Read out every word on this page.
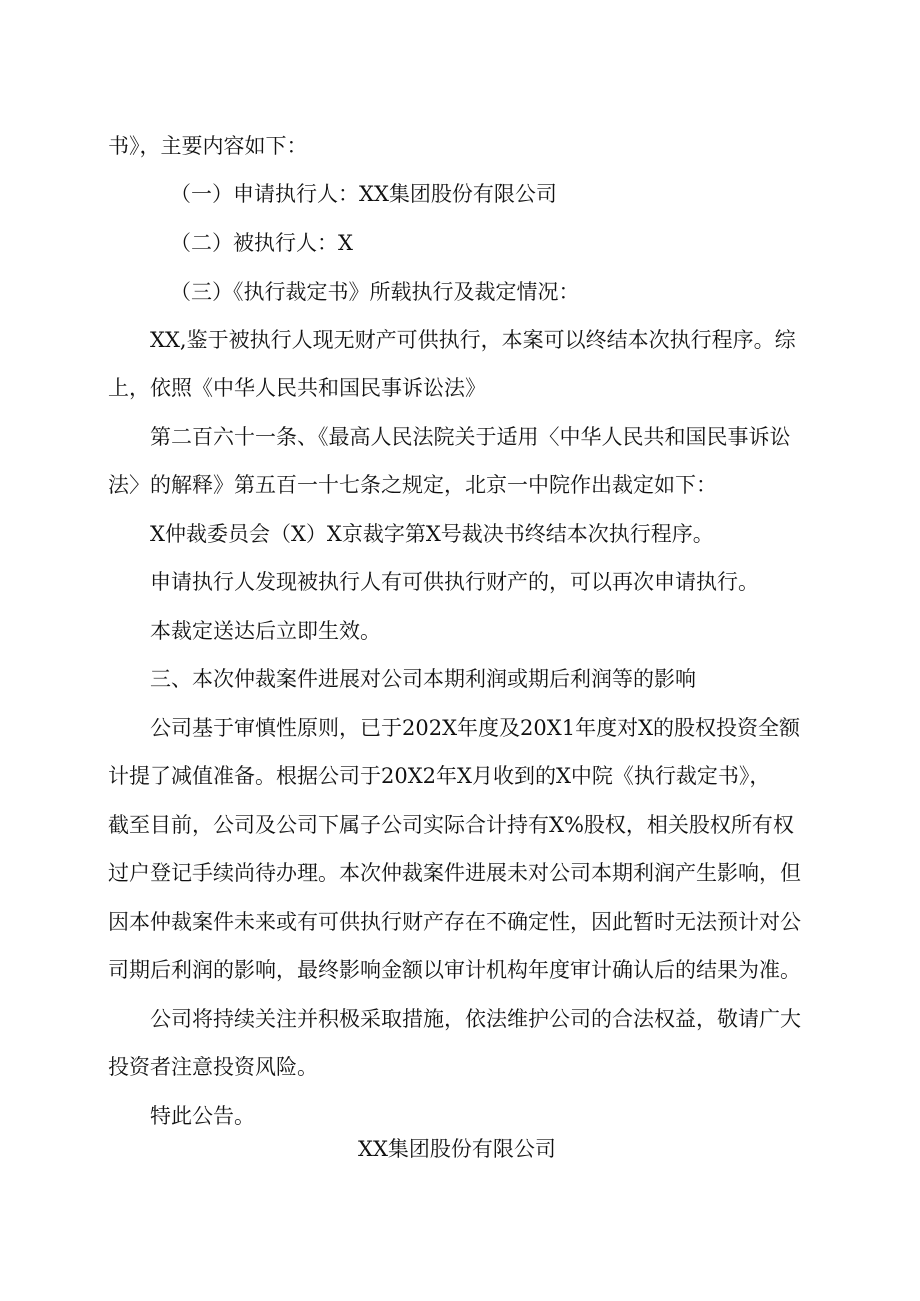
书》，主要内容如下：
（一）申请执行人：XX集团股份有限公司
（二）被执行人：X
（三）《执行裁定书》所载执行及裁定情况：
XX,鉴于被执行人现无财产可供执行，本案可以终结本次执行程序。综
上，依照《中华人民共和国民事诉讼法》
第二百六十一条、《最高人民法院关于适用〈中华人民共和国民事诉讼
法〉的解释》第五百一十七条之规定，北京一中院作出裁定如下：
X仲裁委员会（X）X京裁字第X号裁决书终结本次执行程序。
申请执行人发现被执行人有可供执行财产的，可以再次申请执行。
本裁定送达后立即生效。
三、本次仲裁案件进展对公司本期利润或期后利润等的影响
公司基于审慎性原则，已于202X年度及20X1年度对X的股权投资全额
计提了减值准备。根据公司于20X2年X月收到的X中院《执行裁定书》，
截至目前，公司及公司下属子公司实际合计持有X%股权，相关股权所有权
过户登记手续尚待办理。本次仲裁案件进展未对公司本期利润产生影响，但
因本仲裁案件未来或有可供执行财产存在不确定性，因此暂时无法预计对公
司期后利润的影响，最终影响金额以审计机构年度审计确认后的结果为准。
公司将持续关注并积极采取措施，依法维护公司的合法权益，敬请广大
投资者注意投资风险。
特此公告。
XX集团股份有限公司
